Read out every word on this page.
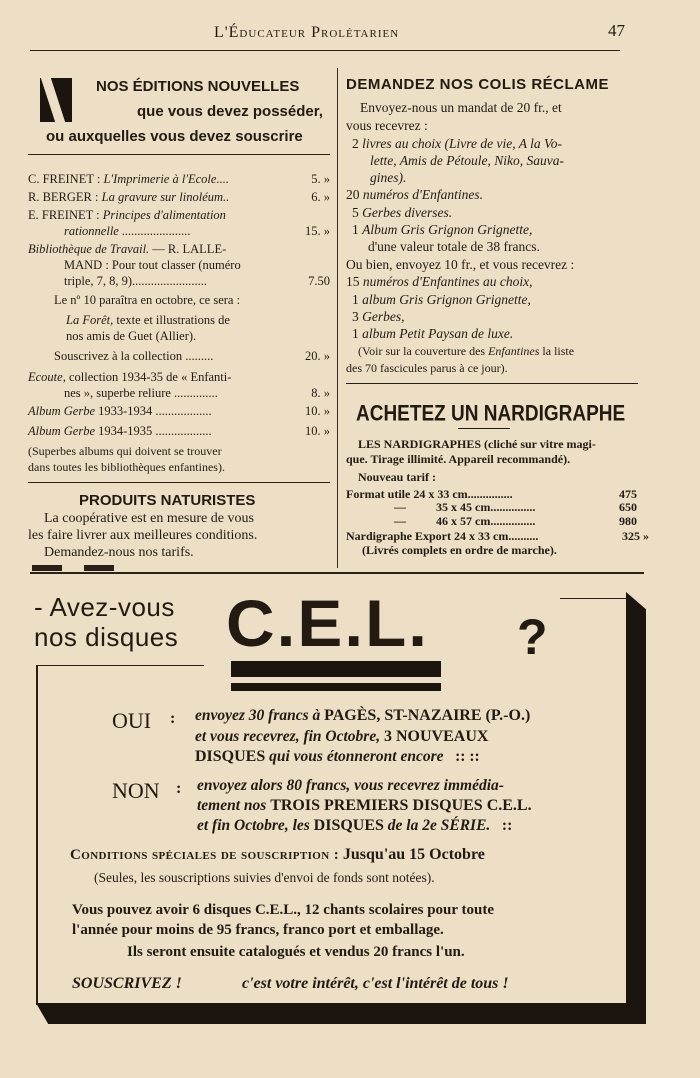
L'Éducateur Prolétarien	47
NOS ÉDITIONS NOUVELLES
que vous devez posséder,
ou auxquelles vous devez souscrire
C. FREINET : L'Imprimerie à l'Ecole....	5. »
R. BERGER : La gravure sur linoléum..	6. »
E. FREINET : Principes d'alimentation
rationnelle ......................	15. »
Bibliothèque de Travail. — R. LALLE-
MAND : Pour tout classer (numéro
triple, 7, 8, 9)........................	7.50
Le nº 10 paraîtra en octobre, ce sera :
La Forêt, texte et illustrations de
nos amis de Guet (Allier).
Souscrivez à la collection .........	20. »
Ecoute, collection 1934-35 de « Enfanti-
nes », superbe reliure ..............	8. »
Album Gerbe 1933-1934 ..................	10. »
Album Gerbe 1934-1935 ..................	10. »
(Superbes albums qui doivent se trouver
dans toutes les bibliothèques enfantines).
PRODUITS NATURISTES
La coopérative est en mesure de vous
les faire livrer aux meilleures conditions.
Demandez-nous nos tarifs.
DEMANDEZ NOS COLIS RÉCLAME
Envoyez-nous un mandat de 20 fr., et
vous recevrez :
2 livres au choix (Livre de vie, A la Vo-
lette, Amis de Pétoule, Niko, Sauva-
gines).
20 numéros d'Enfantines.
5 Gerbes diverses.
1 Album Gris Grignon Grignette,
d'une valeur totale de 38 francs.
Ou bien, envoyez 10 fr., et vous recevrez :
15 numéros d'Enfantines au choix,
1 album Gris Grignon Grignette,
3 Gerbes,
1 album Petit Paysan de luxe.
(Voir sur la couverture des Enfantines la liste
des 70 fascicules parus à ce jour).
ACHETEZ UN NARDIGRAPHE
LES NARDIGRAPHES (cliché sur vitre magi-
que. Tirage illimité. Appareil recommandé).
Nouveau tarif :
Format utile 24 x 33 cm...............	475
—	35 x 45 cm...............	650
—	46 x 57 cm...............	980
Nardigraphe Export 24 x 33 cm..........	325 »
(Livrés complets en ordre de marche).
- Avez-vous
nos disques C.E.L. ?
OUI : envoyez 30 francs à PAGÈS, ST-NAZAIRE (P.-O.)
et vous recevrez, fin Octobre, 3 NOUVEAUX
DISQUES qui vous étonneront encore :: ::
NON : envoyez alors 80 francs, vous recevrez immédia-
tement nos TROIS PREMIERS DISQUES C.E.L.
et fin Octobre, les DISQUES de la 2e SÉRIE. ::
Conditions spéciales de souscription : Jusqu'au 15 Octobre
(Seules, les souscriptions suivies d'envoi de fonds sont notées).
Vous pouvez avoir 6 disques C.E.L., 12 chants scolaires pour toute
l'année pour moins de 95 francs, franco port et emballage.
Ils seront ensuite catalogués et vendus 20 francs l'un.
SOUSCRIVEZ !	c'est votre intérêt, c'est l'intérêt de tous !
